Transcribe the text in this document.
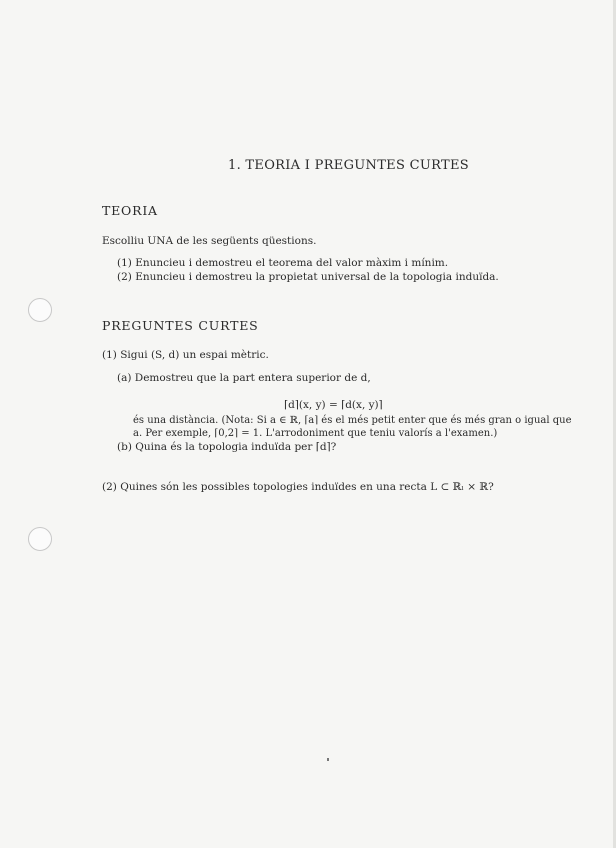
1. TEORIA I PREGUNTES CURTES
TEORIA
Escolliu UNA de les següents qüestions.
(1) Enuncieu i demostreu el teorema del valor màxim i mínim.
(2) Enuncieu i demostreu la propietat universal de la topologia induïda.
PREGUNTES CURTES
(1) Sigui (S, d) un espai mètric.
(a) Demostreu que la part entera superior de d,
⌈d⌉(x, y) = ⌈d(x, y)⌉
és una distància. (Nota: Si a ∈ ℝ, ⌈a⌉ és el més petit enter que és més gran o igual que
a. Per exemple, ⌈0,2⌉ = 1. L'arrodoniment que teniu valorís a l'examen.)
(b) Quina és la topologia induïda per ⌈d⌉?
(2) Quines són les possibles topologies induïdes en una recta L ⊂ ℝₗ × ℝ?
